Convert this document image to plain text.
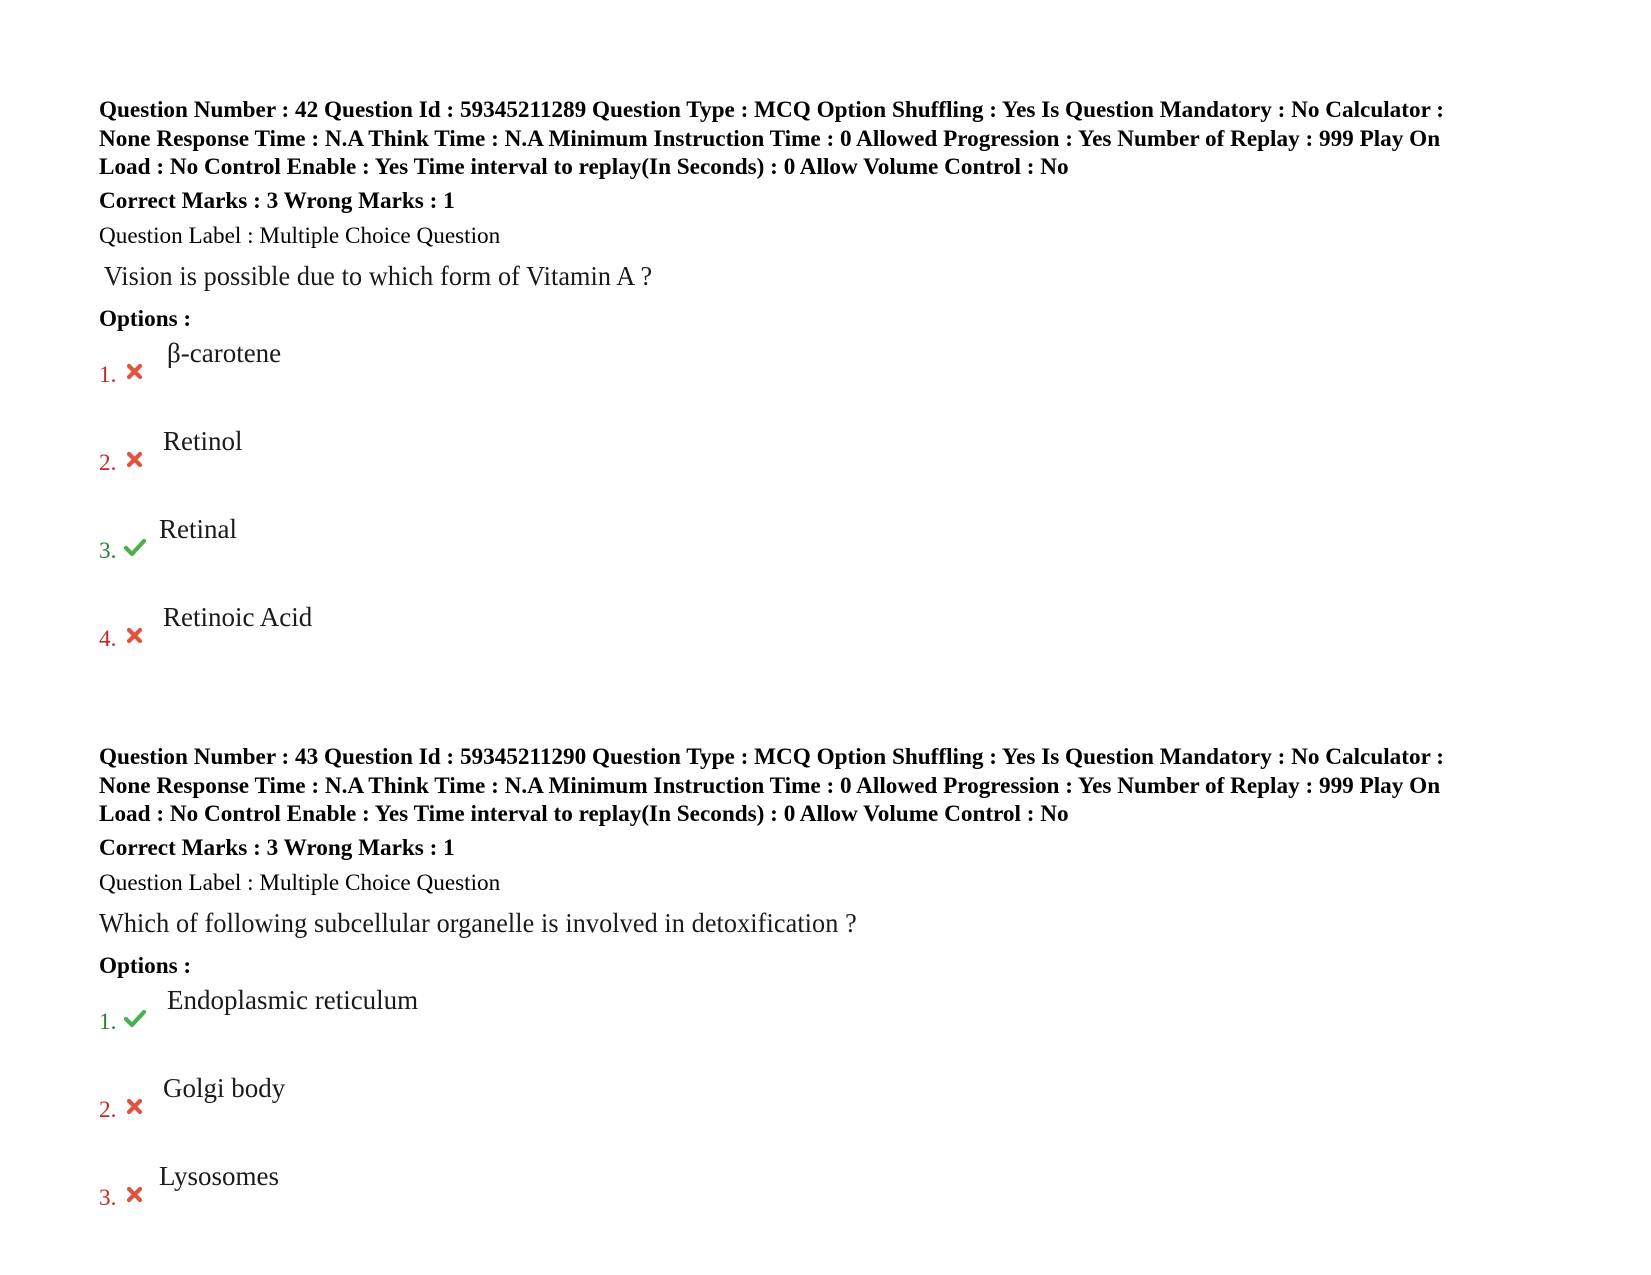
Question Number : 42 Question Id : 59345211289 Question Type : MCQ Option Shuffling : Yes Is Question Mandatory : No Calculator :
None Response Time : N.A Think Time : N.A Minimum Instruction Time : 0 Allowed Progression : Yes Number of Replay : 999 Play On
Load : No Control Enable : Yes Time interval to replay(In Seconds) : 0 Allow Volume Control : No

Correct Marks : 3 Wrong Marks : 1
Question Label : Multiple Choice Question
Vision is possible due to which form of Vitamin A ?
Options :
1.
β-carotene
2.
Retinol
3.
Retinal
4.
Retinoic Acid

Question Number : 43 Question Id : 59345211290 Question Type : MCQ Option Shuffling : Yes Is Question Mandatory : No Calculator :
None Response Time : N.A Think Time : N.A Minimum Instruction Time : 0 Allowed Progression : Yes Number of Replay : 999 Play On
Load : No Control Enable : Yes Time interval to replay(In Seconds) : 0 Allow Volume Control : No

Correct Marks : 3 Wrong Marks : 1
Question Label : Multiple Choice Question
Which of following subcellular organelle is involved in detoxification ?
Options :
1.
Endoplasmic reticulum
2.
Golgi body
3.
Lysosomes
